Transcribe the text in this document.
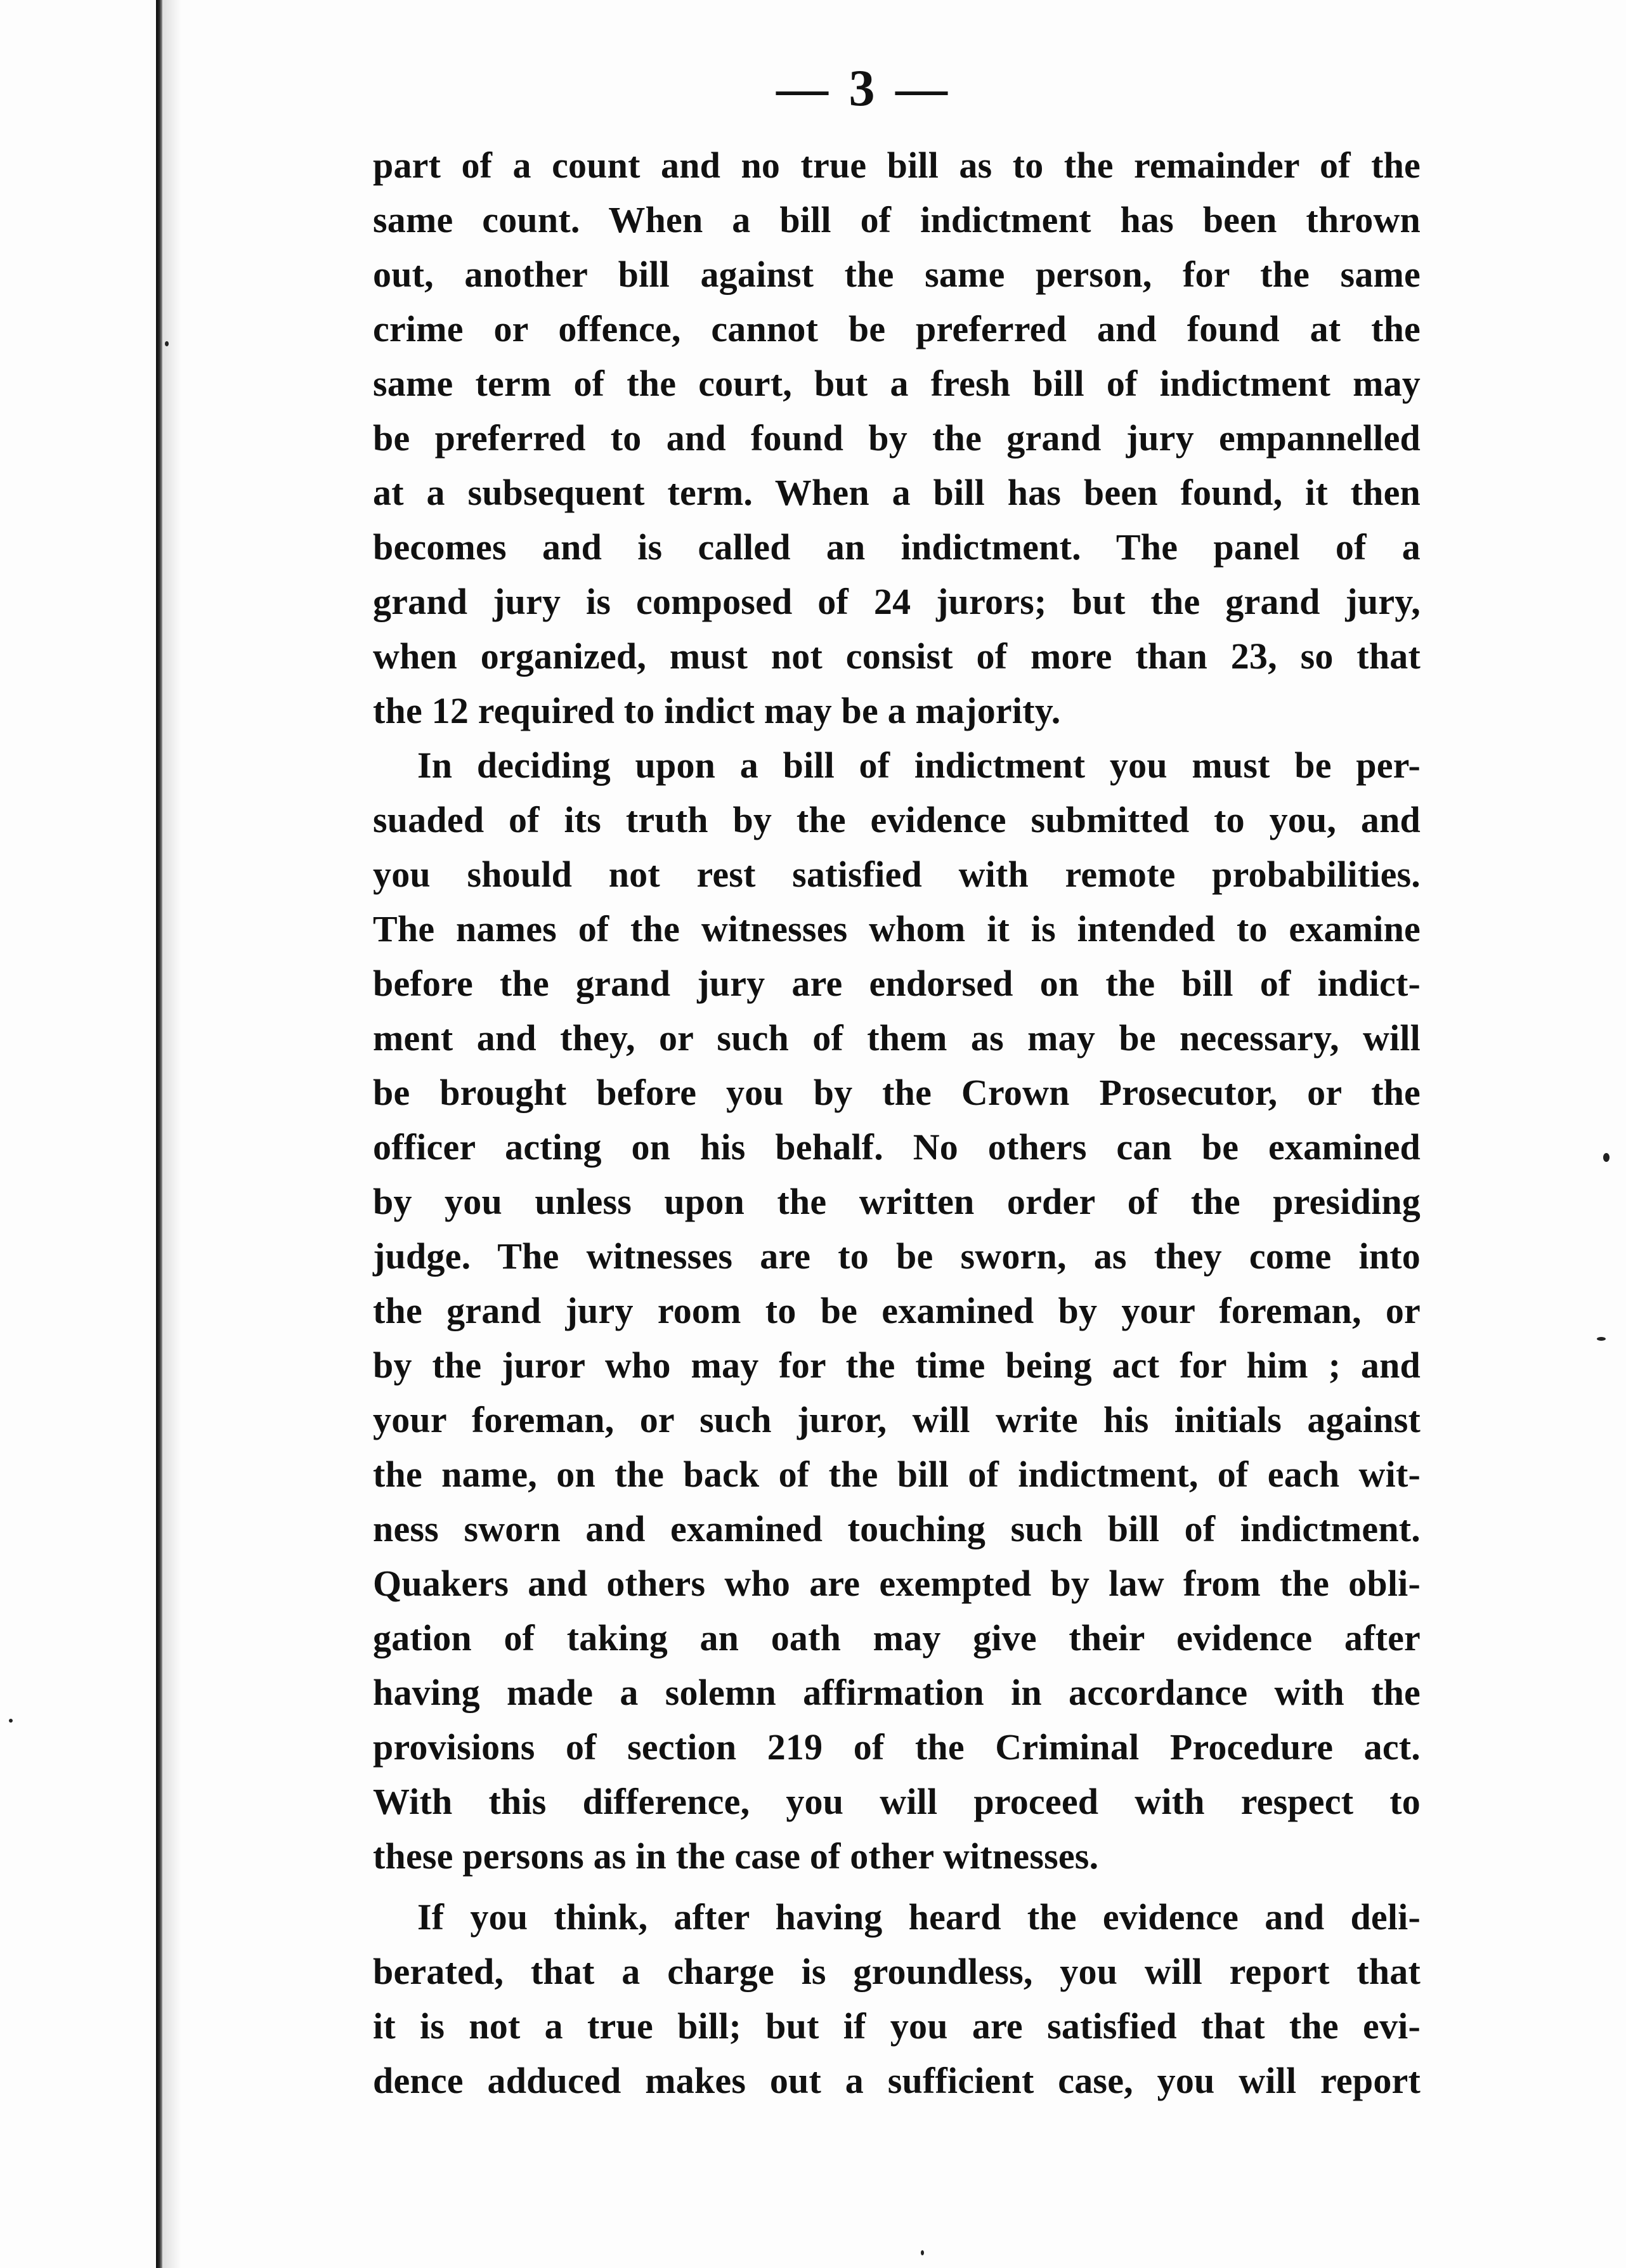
— 3 —
part of a count and no true bill as to the remainder of the
same count. When a bill of indictment has been thrown
out, another bill against the same person, for the same
crime or offence, cannot be preferred and found at the
same term of the court, but a fresh bill of indictment may
be preferred to and found by the grand jury empannelled
at a subsequent term. When a bill has been found, it then
becomes and is called an indictment. The panel of a
grand jury is composed of 24 jurors; but the grand jury,
when organized, must not consist of more than 23, so that
the 12 required to indict may be a majority.
In deciding upon a bill of indictment you must be per-
suaded of its truth by the evidence submitted to you, and
you should not rest satisfied with remote probabilities.
The names of the witnesses whom it is intended to examine
before the grand jury are endorsed on the bill of indict-
ment and they, or such of them as may be necessary, will
be brought before you by the Crown Prosecutor, or the
officer acting on his behalf. No others can be examined
by you unless upon the written order of the presiding
judge. The witnesses are to be sworn, as they come into
the grand jury room to be examined by your foreman, or
by the juror who may for the time being act for him ; and
your foreman, or such juror, will write his initials against
the name, on the back of the bill of indictment, of each wit-
ness sworn and examined touching such bill of indictment.
Quakers and others who are exempted by law from the obli-
gation of taking an oath may give their evidence after
having made a solemn affirmation in accordance with the
provisions of section 219 of the Criminal Procedure act.
With this difference, you will proceed with respect to
these persons as in the case of other witnesses.
If you think, after having heard the evidence and deli-
berated, that a charge is groundless, you will report that
it is not a true bill; but if you are satisfied that the evi-
dence adduced makes out a sufficient case, you will report
